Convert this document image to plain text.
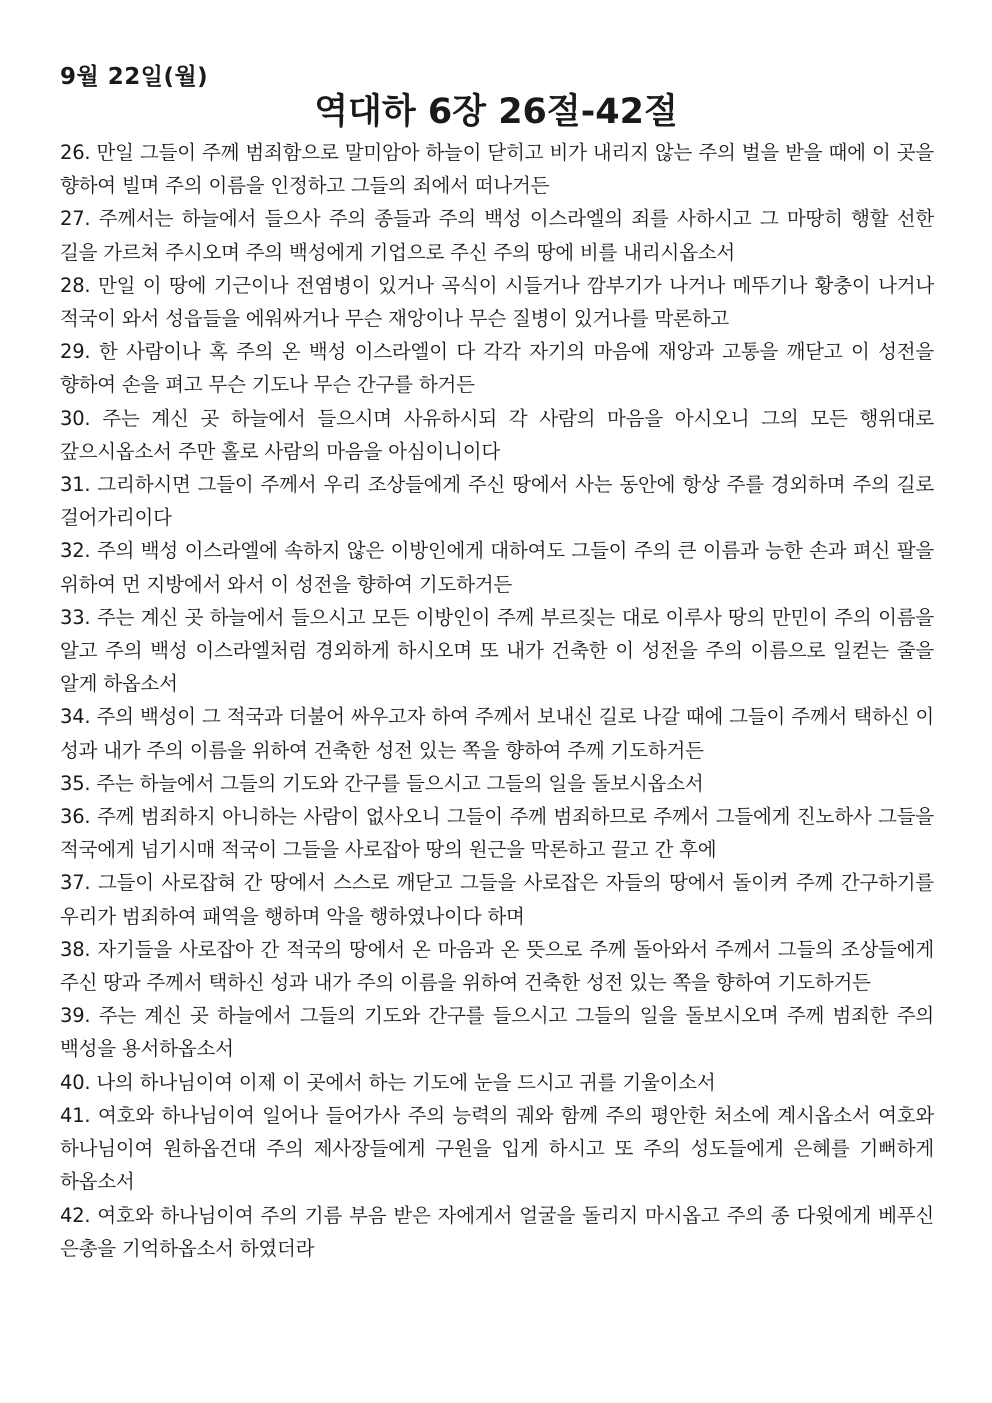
9월 22일(월)
역대하 6장 26절-42절
26. 만일 그들이 주께 범죄함으로 말미암아 하늘이 닫히고 비가 내리지 않는 주의 벌을 받을 때에 이 곳을 향하여 빌며 주의 이름을 인정하고 그들의 죄에서 떠나거든
27. 주께서는 하늘에서 들으사 주의 종들과 주의 백성 이스라엘의 죄를 사하시고 그 마땅히 행할 선한 길을 가르쳐 주시오며 주의 백성에게 기업으로 주신 주의 땅에 비를 내리시옵소서
28. 만일 이 땅에 기근이나 전염병이 있거나 곡식이 시들거나 깜부기가 나거나 메뚜기나 황충이 나거나 적국이 와서 성읍들을 에워싸거나 무슨 재앙이나 무슨 질병이 있거나를 막론하고
29. 한 사람이나 혹 주의 온 백성 이스라엘이 다 각각 자기의 마음에 재앙과 고통을 깨닫고 이 성전을 향하여 손을 펴고 무슨 기도나 무슨 간구를 하거든
30. 주는 계신 곳 하늘에서 들으시며 사유하시되 각 사람의 마음을 아시오니 그의 모든 행위대로 갚으시옵소서 주만 홀로 사람의 마음을 아심이니이다
31. 그리하시면 그들이 주께서 우리 조상들에게 주신 땅에서 사는 동안에 항상 주를 경외하며 주의 길로 걸어가리이다
32. 주의 백성 이스라엘에 속하지 않은 이방인에게 대하여도 그들이 주의 큰 이름과 능한 손과 펴신 팔을 위하여 먼 지방에서 와서 이 성전을 향하여 기도하거든
33. 주는 계신 곳 하늘에서 들으시고 모든 이방인이 주께 부르짖는 대로 이루사 땅의 만민이 주의 이름을 알고 주의 백성 이스라엘처럼 경외하게 하시오며 또 내가 건축한 이 성전을 주의 이름으로 일컫는 줄을 알게 하옵소서
34. 주의 백성이 그 적국과 더불어 싸우고자 하여 주께서 보내신 길로 나갈 때에 그들이 주께서 택하신 이 성과 내가 주의 이름을 위하여 건축한 성전 있는 쪽을 향하여 주께 기도하거든
35. 주는 하늘에서 그들의 기도와 간구를 들으시고 그들의 일을 돌보시옵소서
36. 주께 범죄하지 아니하는 사람이 없사오니 그들이 주께 범죄하므로 주께서 그들에게 진노하사 그들을 적국에게 넘기시매 적국이 그들을 사로잡아 땅의 원근을 막론하고 끌고 간 후에
37. 그들이 사로잡혀 간 땅에서 스스로 깨닫고 그들을 사로잡은 자들의 땅에서 돌이켜 주께 간구하기를 우리가 범죄하여 패역을 행하며 악을 행하였나이다 하며
38. 자기들을 사로잡아 간 적국의 땅에서 온 마음과 온 뜻으로 주께 돌아와서 주께서 그들의 조상들에게 주신 땅과 주께서 택하신 성과 내가 주의 이름을 위하여 건축한 성전 있는 쪽을 향하여 기도하거든
39. 주는 계신 곳 하늘에서 그들의 기도와 간구를 들으시고 그들의 일을 돌보시오며 주께 범죄한 주의 백성을 용서하옵소서
40. 나의 하나님이여 이제 이 곳에서 하는 기도에 눈을 드시고 귀를 기울이소서
41. 여호와 하나님이여 일어나 들어가사 주의 능력의 궤와 함께 주의 평안한 처소에 계시옵소서 여호와 하나님이여 원하옵건대 주의 제사장들에게 구원을 입게 하시고 또 주의 성도들에게 은혜를 기뻐하게 하옵소서
42. 여호와 하나님이여 주의 기름 부음 받은 자에게서 얼굴을 돌리지 마시옵고 주의 종 다윗에게 베푸신 은총을 기억하옵소서 하였더라
